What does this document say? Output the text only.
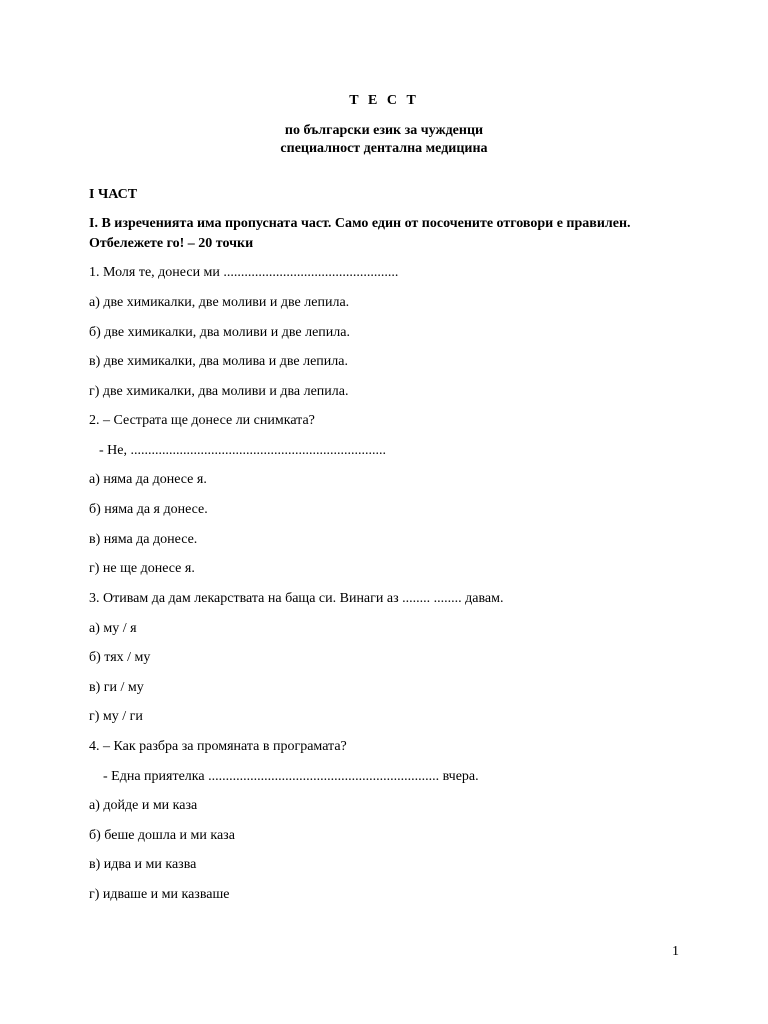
Т Е С Т
по български език за чужденци
специалност дентална медицина
I ЧАСТ
I. В изреченията има пропусната част. Само един от посочените отговори е правилен.
Отбележете го! – 20 точки
1. Моля те, донеси ми ..................................................
а) две химикалки, две моливи и две лепила.
б) две химикалки, два моливи и две лепила.
в) две химикалки, два молива и две лепила.
г) две химикалки, два моливи и два лепила.
2. – Сестрата ще донесе ли снимката?
- Не, .........................................................................
а) няма да донесе я.
б) няма да я донесе.
в) няма да донесе.
г) не ще донесе я.
3. Отивам да дам лекарствата на баща си. Винаги аз ........ ........ давам.
а) му / я
б) тях / му
в) ги / му
г) му / ги
4. – Как разбра за промяната в програмата?
- Една приятелка .................................................................. вчера.
а) дойде и ми каза
б) беше дошла и ми каза
в) идва и ми казва
г) идваше и ми казваше
1
